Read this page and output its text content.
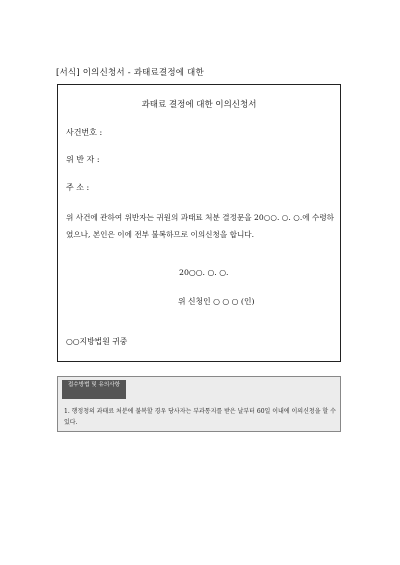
[서식] 이의신청서 - 과태료결정에 대한
과태료 결정에 대한 이의신청서
사건번호 :
위 반 자 :
주 소 :
위 사건에 관하여 위반자는 귀원의 과태료 처분 결정문을 20○○. ○. ○.에 수령하였으나, 본인은 이에 전부 불복하므로 이의신청을 합니다.
20○○. ○. ○.
위 신청인 ○ ○ ○ (인)
○○지방법원 귀중
접수방법 및 유의사항
1. 행정청의 과태료 처분에 불복할 경우 당사자는 부과통지를 받은 날부터 60일 이내에 이의신청을 할 수 있다.
